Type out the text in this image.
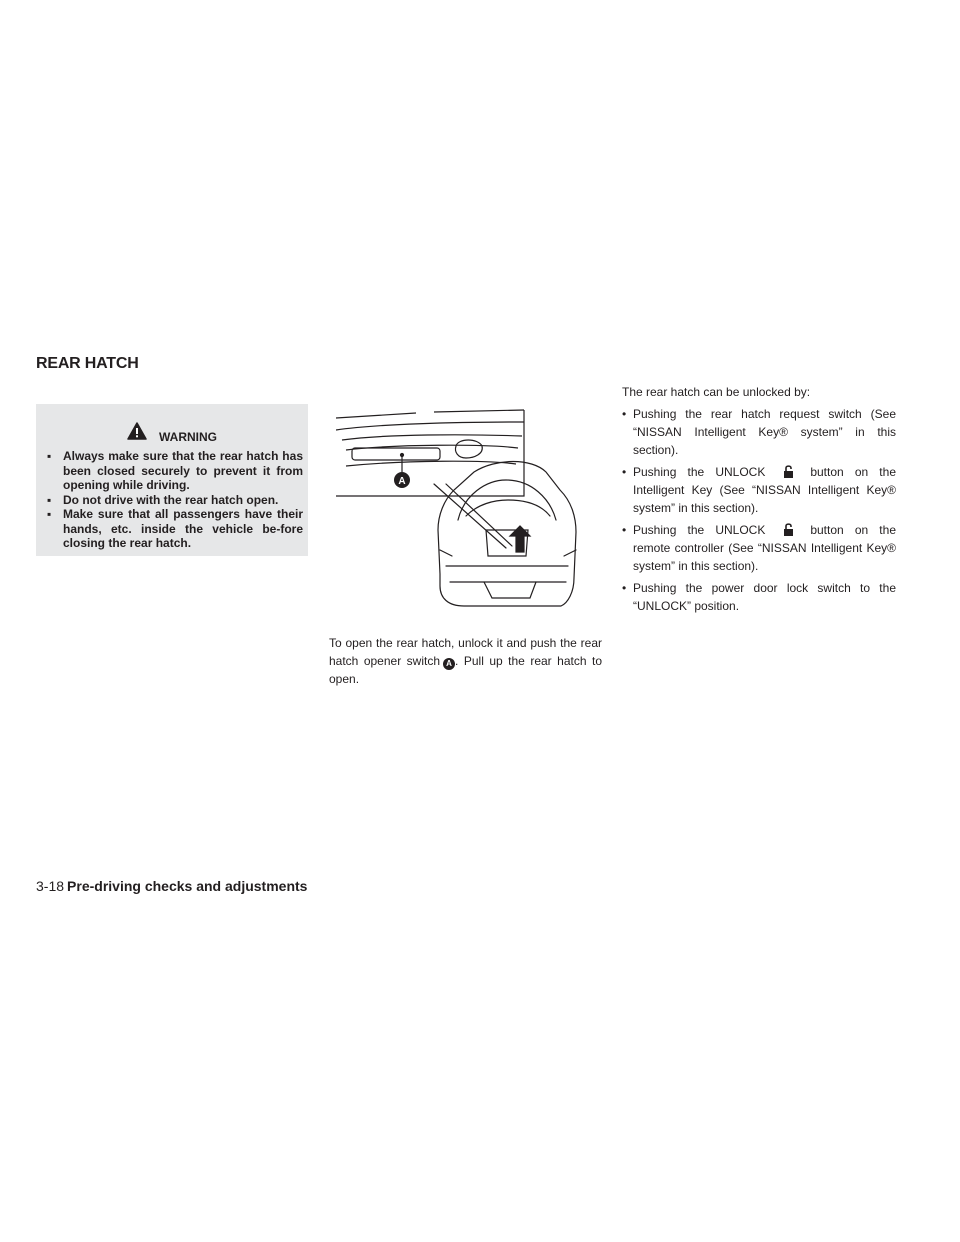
REAR HATCH
WARNING
▪ Always make sure that the rear hatch has been closed securely to prevent it from opening while driving.
▪ Do not drive with the rear hatch open.
▪ Make sure that all passengers have their hands, etc. inside the vehicle be-fore closing the rear hatch.
A

To open the rear hatch, unlock it and push the rear hatch opener switch A . Pull up the rear hatch to open.

The rear hatch can be unlocked by:

• Pushing the rear hatch request switch (See “NISSAN Intelligent Key® system” in this section).
• Pushing the UNLOCK	button on the Intelligent Key (See “NISSAN Intelligent Key® system” in this section).
• Pushing the UNLOCK	button on the remote controller (See “NISSAN Intelligent Key® system” in this section).
• Pushing the power door lock switch to the “UNLOCK” position.
3-18 Pre-driving checks and adjustments
